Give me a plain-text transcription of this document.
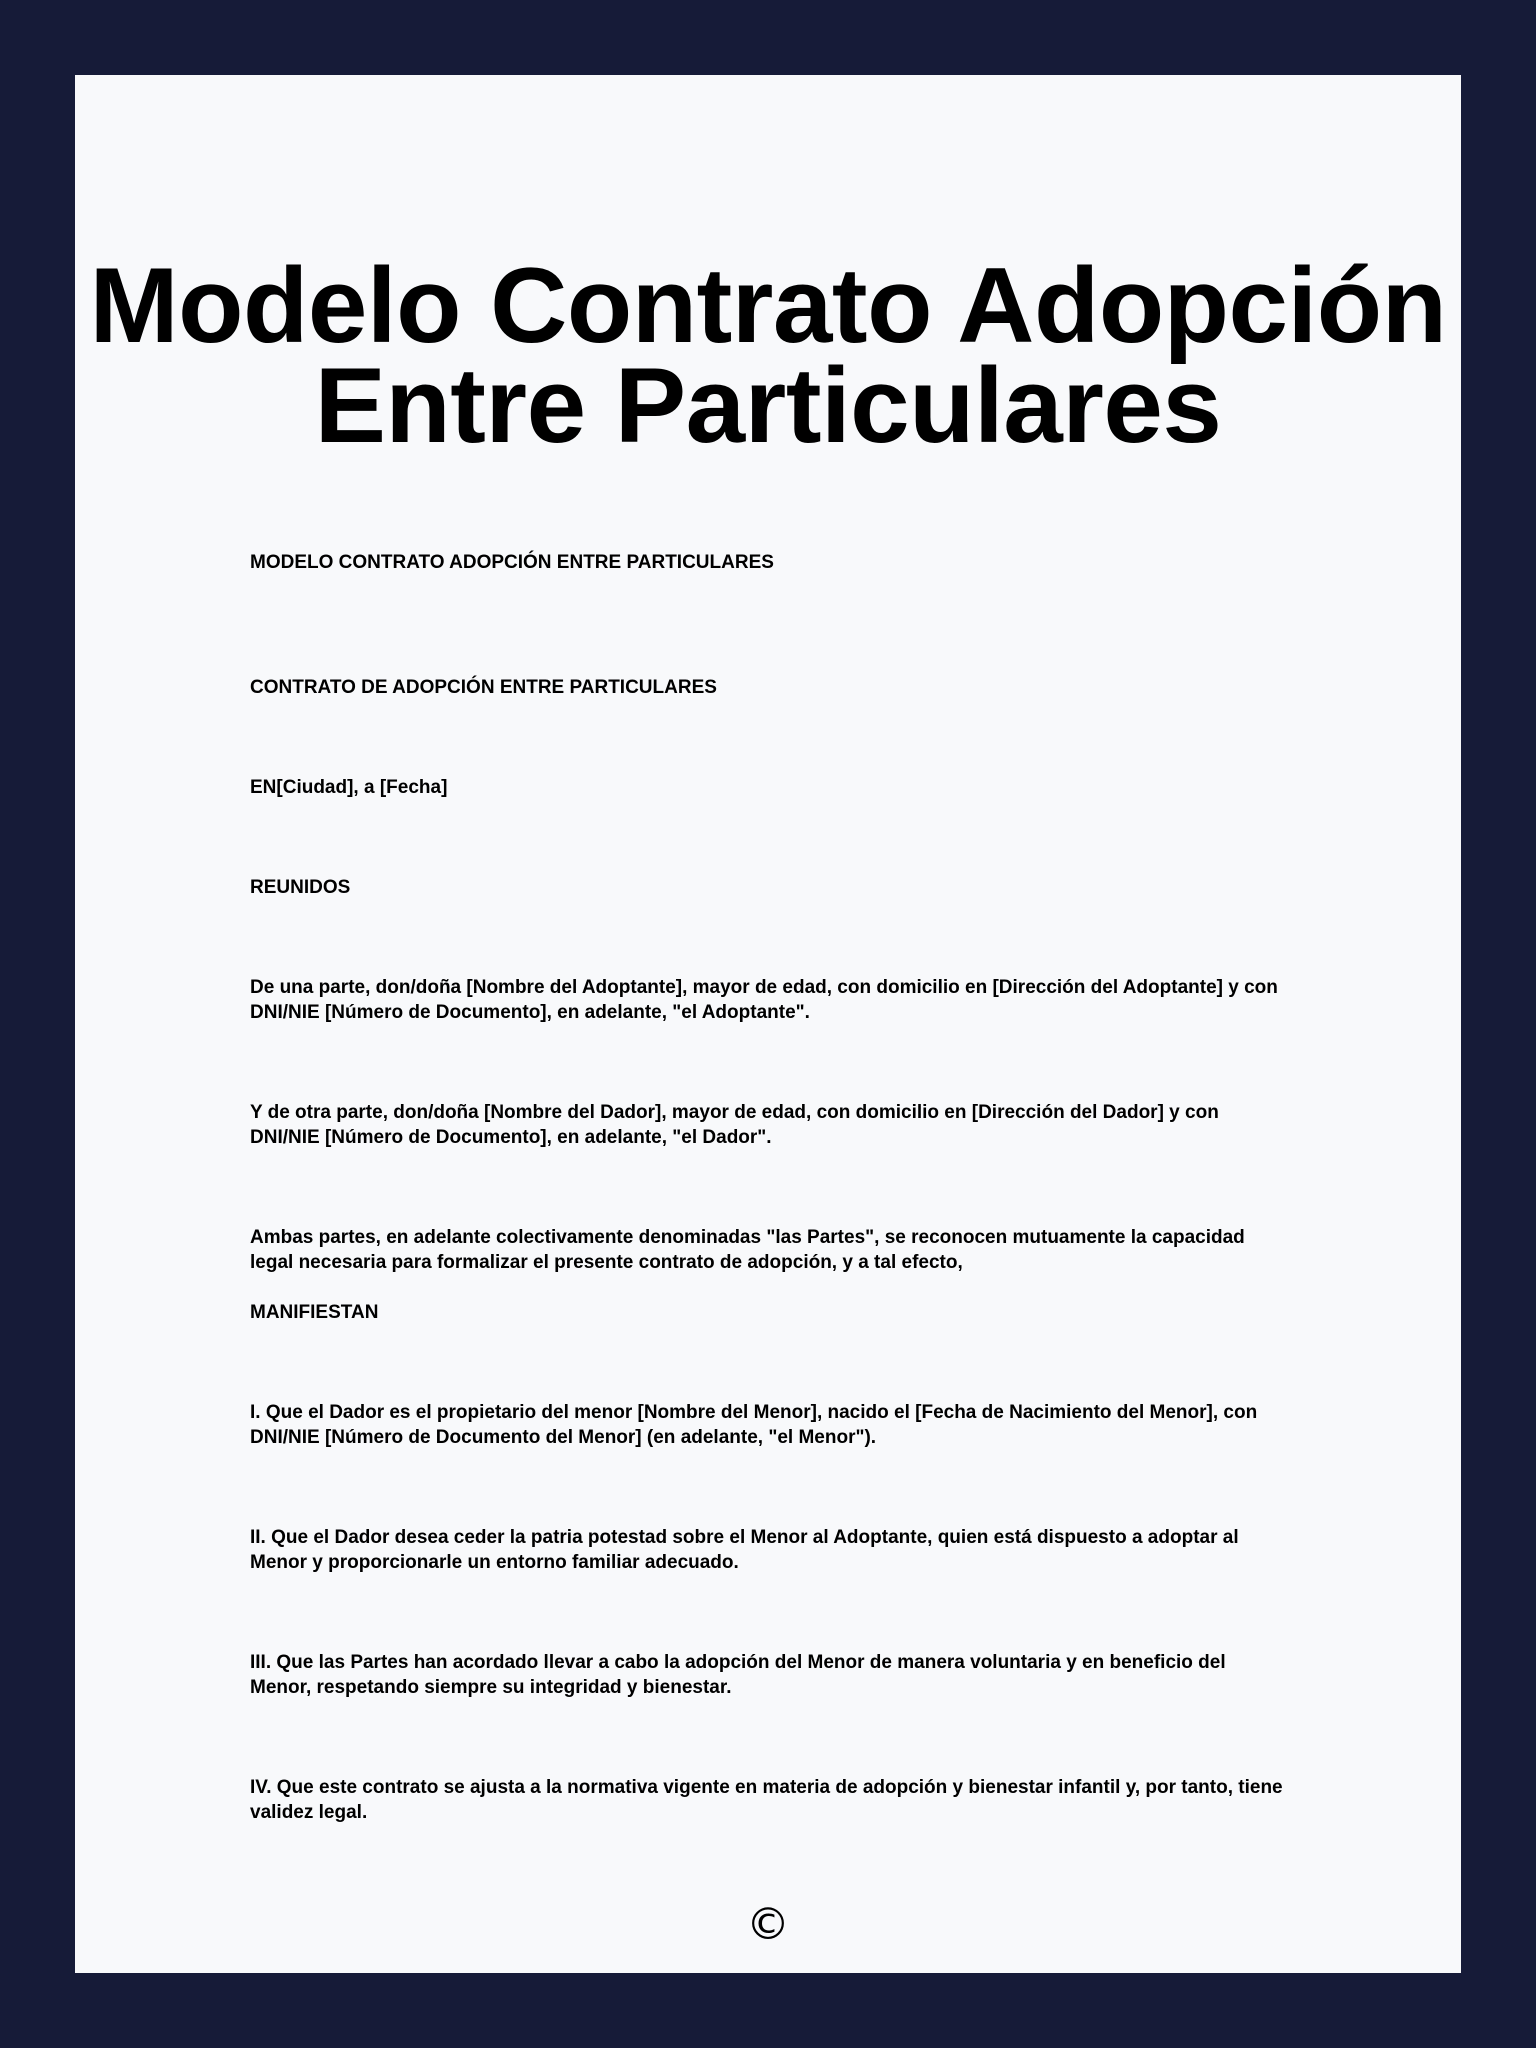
Modelo Contrato Adopción Entre Particulares

MODELO CONTRATO ADOPCIÓN ENTRE PARTICULARES

CONTRATO DE ADOPCIÓN ENTRE PARTICULARES

EN[Ciudad], a [Fecha]

REUNIDOS

De una parte, don/doña [Nombre del Adoptante], mayor de edad, con domicilio en [Dirección del Adoptante] y con DNI/NIE [Número de Documento], en adelante, "el Adoptante".

Y de otra parte, don/doña [Nombre del Dador], mayor de edad, con domicilio en [Dirección del Dador] y con DNI/NIE [Número de Documento], en adelante, "el Dador".

Ambas partes, en adelante colectivamente denominadas "las Partes", se reconocen mutuamente la capacidad legal necesaria para formalizar el presente contrato de adopción, y a tal efecto,

MANIFIESTAN

I. Que el Dador es el propietario del menor [Nombre del Menor], nacido el [Fecha de Nacimiento del Menor], con DNI/NIE [Número de Documento del Menor] (en adelante, "el Menor").

II. Que el Dador desea ceder la patria potestad sobre el Menor al Adoptante, quien está dispuesto a adoptar al Menor y proporcionarle un entorno familiar adecuado.

III. Que las Partes han acordado llevar a cabo la adopción del Menor de manera voluntaria y en beneficio del Menor, respetando siempre su integridad y bienestar.

IV. Que este contrato se ajusta a la normativa vigente en materia de adopción y bienestar infantil y, por tanto, tiene validez legal.

©
